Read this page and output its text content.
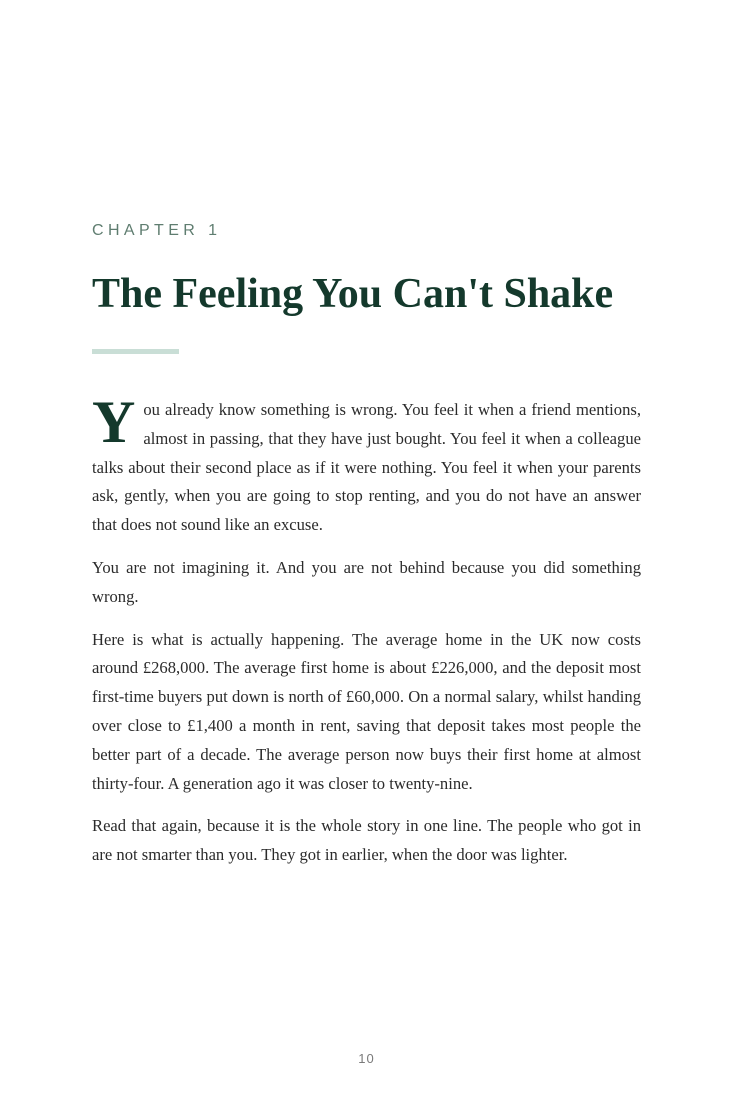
CHAPTER 1
The Feeling You Can't Shake

You already know something is wrong. You feel it when a friend mentions, almost in passing, that they have just bought. You feel it when a colleague talks about their second place as if it were nothing. You feel it when your parents ask, gently, when you are going to stop renting, and you do not have an answer that does not sound like an excuse.

You are not imagining it. And you are not behind because you did something wrong.

Here is what is actually happening. The average home in the UK now costs around £268,000. The average first home is about £226,000, and the deposit most first-time buyers put down is north of £60,000. On a normal salary, whilst handing over close to £1,400 a month in rent, saving that deposit takes most people the better part of a decade. The average person now buys their first home at almost thirty-four. A generation ago it was closer to twenty-nine.

Read that again, because it is the whole story in one line. The people who got in are not smarter than you. They got in earlier, when the door was lighter.

10
